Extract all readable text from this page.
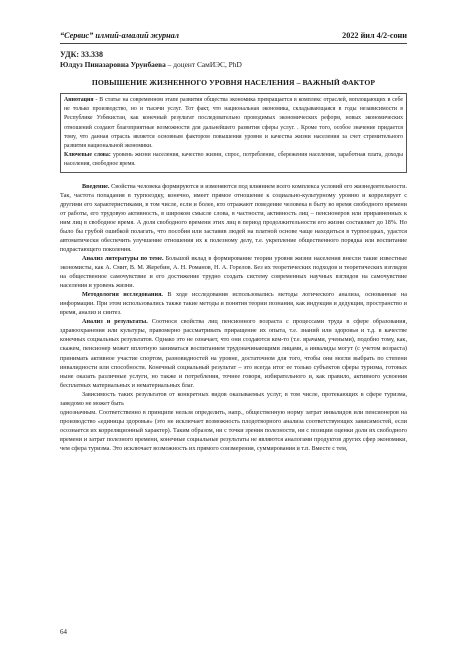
“Сервис” илмий-амалий журнал	2022 йил 4/2-сони
УДК: 33.338
Юлдуз Пиназаровна Урунбаева – доцент СамИЭС, PhD
ПОВЫШЕНИЕ ЖИЗНЕННОГО УРОВНЯ НАСЕЛЕНИЯ – ВАЖНЫЙ ФАКТОР
Аннотация - В статье на современном этапе развития общества экономика превращается в комплекс отраслей, воплощающих в себе не только производство, но и тысячи услуг. Тот факт, что национальная экономика, складывающаяся в годы независимости в Республике Узбекистан, как конечный результат последовательно проводимых экономических реформ, новых экономических отношений создают благоприятные возможности для дальнейшего развития сферы услуг. . Кроме того, особое значение придается тому, что данная отрасль является основным фактором повышения уровня и качества жизни населения за счет стремительного развития национальной экономики.
Ключевые слова: уровень жизни населения, качество жизни, спрос, потребление, сбережения населения, заработная плата, доходы населения, свободное время.

Введение. Свойства человека формируются и изменяются под влиянием всего комплекса условий его жизнедеятельности. Так, частота попадания в турпоездку, конечно, имеет прямое отношение к социально-культурному уровню и коррелирует с другими его характеристиками, в том числе, если и более, кто отражают поведение человека в быту во время свободного времени от работы, его трудовую активность, в широком смысле слова, в частности, активность лиц – пенсионеров или приравненных к ним лиц в свободное время. А доля свободного времени этих лиц в период продолжительности его жизни составляет до 18%. Но было бы грубой ошибкой полагать, что пособия или заставив людей на платной основе чаще находиться в турпоездках, удастся автоматически обеспечить улучшение отношения их к полезному делу, т.е. укрепление общественного порядка или воспитание подрастающего поколения.

Анализ литературы по теме. Большой вклад в формирование теории уровня жизни населения внесли такие известные экономисты, как А. Смит, В. М. Жеребин, А. Н. Романов, Н. А. Горелов. Без их теоретических подходов и теоретических взглядов на общественное самочувствие и его достижение трудно создать систему современных научных взглядов на самочувствие населения и уровень жизни.

Методология исследования. В ходе исследования использовались методы логического анализа, основанные на информации. При этом использовались также такие методы и понятия теории познания, как индукция и дедукция, пространство и время, анализ и синтез.

Анализ и результаты. Соотнося свойства лиц пенсионного возраста с процессами труда в сфере образования, здравоохранения или культуры, правомерно рассматривать приращение их опыта, т.е. знаний или здоровья и т.д. в качестве конечных социальных результатов. Однако это не означает, что они создаются кем-то (т.е. врачами, учеными), подобно тому, как, скажем, пенсионер может вплотную заниматься воспитанием трудоначинающими лицами, а инвалиды могут (с учетом возраста) принимать активное участие спортом, разновидностей на уровне, достаточном для того, чтобы они могли выбрать по степени инвалидности или способности. Конечный социальный результат – это всегда итог ее только субъектов сферы туризма, готовых ныне оказать различные услуги, но также и потребления, точнее говоря, избирательного и, как правило, активного усвоения бесплатных материальных и нематериальных благ.

Зависимость таких результатов от конкретных видов оказываемых услуг, в том числе, протекающих в сфере туризма, заведомо не может быть

однозначным. Соответственно в принципе нельзя определить, напр., общественную норму затрат инвалидов или пенсионеров на производство «единицы здоровья» (это не исключает возможность плодотворного анализа соответствующих зависимостей, если осознается их корреляционный характер). Таким образом, ни с точки зрения полезности, ни с позиции оценки доли их свободного времени и затрат полезного времени, конечные социальные результаты не являются аналогами продуктов других сфер экономики, чем сфера туризма. Это исключает возможность их прямого соизмерения, суммирования и т.п. Вместе с тем,

64
